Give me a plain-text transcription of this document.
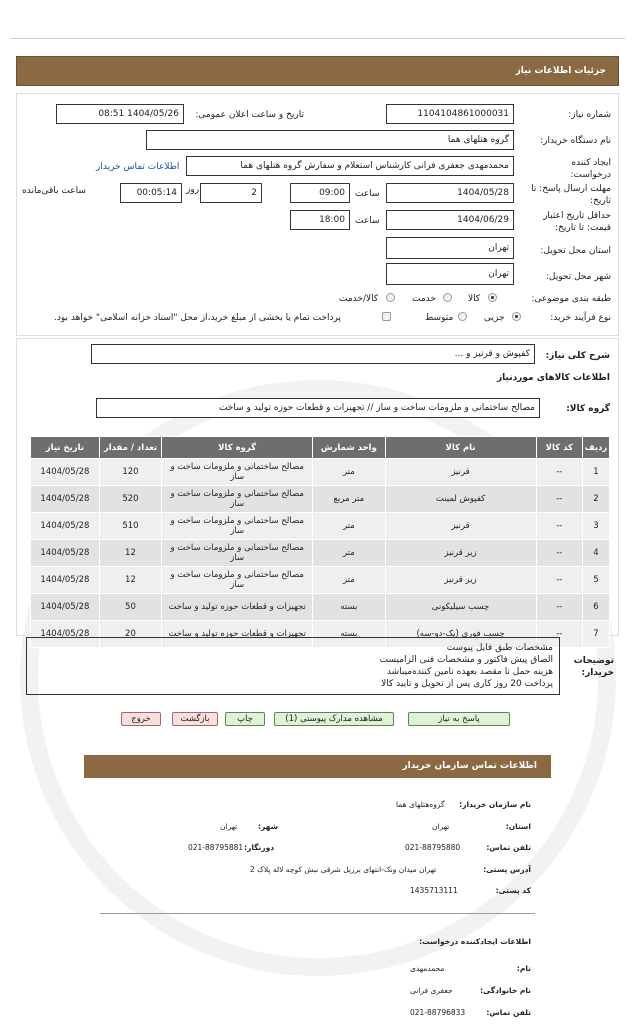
جزئیات اطلاعات نیاز
شماره نیاز:
1104104861000031
تاریخ و ساعت اعلان عمومی:
1404/05/26 08:51
نام دستگاه خریدار:
گروه هتلهای هما
ایجاد کننده درخواست:
محمدمهدی جعفری فرانی کارشناس استعلام و سفارش گروه هتلهای هما
اطلاعات تماس خریدار
مهلت ارسال پاسخ: تا تاریخ:
1404/05/28
ساعت
09:00
2
روز
00:05:14
ساعت باقی‌مانده
حداقل تاریخ اعتبار قیمت: تا تاریخ:
1404/06/29
ساعت
18:00
استان محل تحویل:
تهران
شهر محل تحویل:
تهران
طبقه بندی موضوعی:
کالا
خدمت
کالا/خدمت
نوع فرآیند خرید:
جزیی
متوسط
پرداخت تمام یا بخشی از مبلغ خرید،از محل "اسناد خزانه اسلامی" خواهد بود.
شرح کلی نیاز:
کفپوش و قرنیز و ...
اطلاعات کالاهای موردنیاز
گروه کالا:
مصالح ساختمانی و ملزومات ساخت و ساز // تجهیزات و قطعات حوزه تولید و ساخت
ردیف	کد کالا	نام کالا	واحد شمارش	گروه کالا	تعداد / مقدار	تاریخ نیاز
1	--	قرنیز	متر	مصالح ساختمانی و ملزومات ساخت و ساز	120	1404/05/28
2	--	کفپوش لمینت	متر مربع	مصالح ساختمانی و ملزومات ساخت و ساز	520	1404/05/28
3	--	قرنیز	متر	مصالح ساختمانی و ملزومات ساخت و ساز	510	1404/05/28
4	--	زیر قرنیز	متر	مصالح ساختمانی و ملزومات ساخت و ساز	12	1404/05/28
5	--	زیر قرنیز	متر	مصالح ساختمانی و ملزومات ساخت و ساز	12	1404/05/28
6	--	چسب سیلیکونی	بسته	تجهیزات و قطعات حوزه تولید و ساخت	50	1404/05/28
7	--	چسب فوری (یک-دو-سه)	بسته	تجهیزات و قطعات حوزه تولید و ساخت	20	1404/05/28
مشخصات طبق فایل پیوست
الصاق پیش فاکتور و مشخصات فنی الزامیست
هزینه حمل تا مقصد بعهده تامین کننده‌میباشد
پرداخت 20 روز کاری پس از تحویل و تایید کالا
توضیحات خریدار:
پاسخ به نیاز
مشاهده مدارک پیوستی (1)
چاپ
بازگشت
خروج
اطلاعات تماس سازمان خریدار
نام سازمان خریدار:
گروه‌هتلهای هما
استان:
تهران
شهر:
تهران
تلفن تماس:
021-88795880
دورنگار:
021-88795881
آدرس پستی:
تهران میدان ونک-انتهای برزیل شرقی نبش کوچه لاله پلاک 2
کد پستی:
1435713111
اطلاعات ایجادکننده درخواست:
نام:
محمدمهدی
نام خانوادگی:
جعفری فرانی
تلفن تماس:
021-88796833
